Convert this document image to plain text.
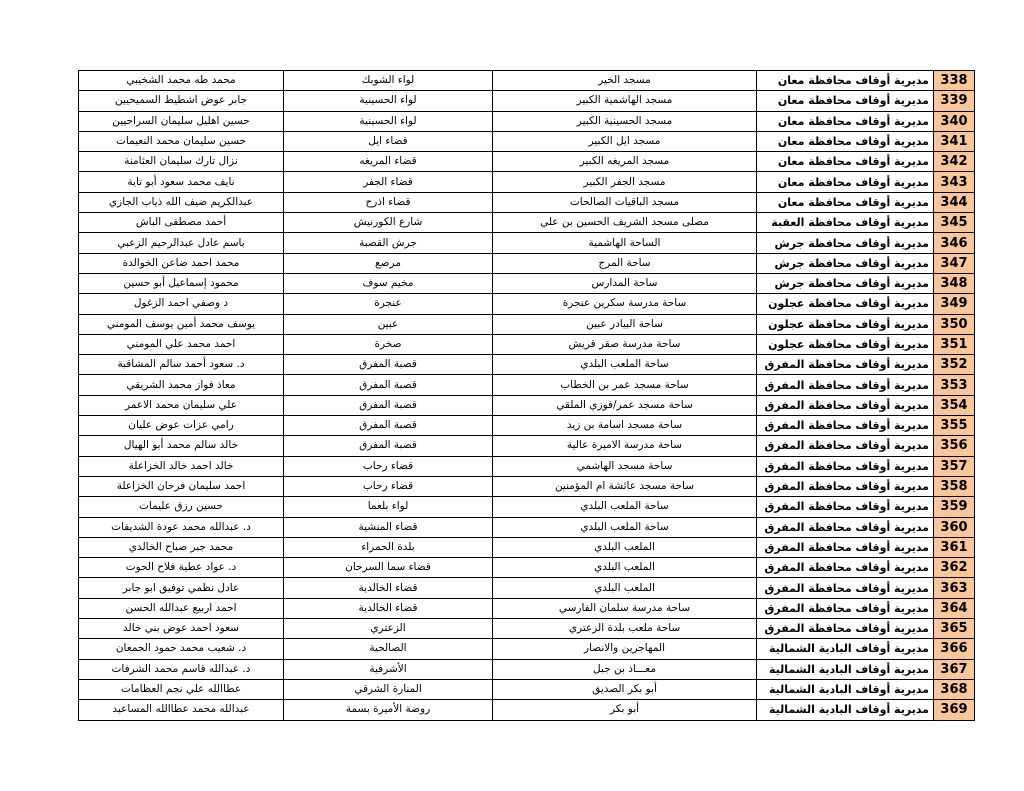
محمد طه محمد الشخيبي	لواء الشوبك	مسجد الخير	مديرية أوقاف محافظة معان	338
جابر عوض اشطيط السميحيين	لواء الحسينية	مسجد الهاشمية الكبير	مديرية أوقاف محافظة معان	339
حسين اهليل سليمان السراحيين	لواء الحسينية	مسجد الحسينية الكبير	مديرية أوقاف محافظة معان	340
حسين سليمان محمد النعيمات	قضاء ايل	مسجد ايل الكبير	مديرية أوقاف محافظة معان	341
نزال تارك سليمان العثامنة	قضاء المريغه	مسجد المريغه الكبير	مديرية أوقاف محافظة معان	342
نايف محمد سعود أبو تاية	قضاء الجفر	مسجد الجفر الكبير	مديرية أوقاف محافظة معان	343
عبدالكريم ضيف الله ذياب الجازي	قضاء اذرح	مسجد الباقيات الصالحات	مديرية أوقاف محافظة معان	344
أحمد مصطفى الباش	شارع الكورنيش	مصلى مسجد الشريف الحسين بن علي	مديرية أوقاف محافظة العقبة	345
باسم عادل عبدالرحيم الزعبي	جرش القصبة	الساحة الهاشمية	مديرية أوقاف محافظة جرش	346
محمد احمد ضاعن الخوالدة	مرصع	ساحة المرج	مديرية أوقاف محافظة جرش	347
محمود إسماعيل أبو حسين	مخيم سوف	ساحة المدارس	مديرية أوقاف محافظة جرش	348
د وصفي احمد الزغول	عنجرة	ساحة مدرسة سكرين عنجرة	مديرية أوقاف محافظة عجلون	349
يوسف محمد أمين يوسف المومني	عبين	ساحة البيادر عبين	مديرية أوقاف محافظة عجلون	350
احمد محمد علي المومني	صخرة	ساحة مدرسة صقر قريش	مديرية أوقاف محافظة عجلون	351
د. سعود أحمد سالم المشاقبة	قصبة المفرق	ساحة الملعب البلدي	مديرية أوقاف محافظة المفرق	352
معاذ فواز محمد الشريقي	قصبة المفرق	ساحة مسجد عمر بن الخطاب	مديرية أوقاف محافظة المفرق	353
علي سليمان محمد الاعمر	قصبة المفرق	ساحة مسجد عمر/فوزي الملقي	مديرية أوقاف محافظة المفرق	354
رامي عزات عوض عليان	قصبة المفرق	ساحة مسجد اسامة بن زيد	مديرية أوقاف محافظة المفرق	355
خالد سالم محمد أبو الهيال	قصبة المفرق	ساحة مدرسة الاميرة عالية	مديرية أوقاف محافظة المفرق	356
خالد احمد خالد الخزاعلة	قضاء رحاب	ساحة مسجد الهاشمي	مديرية أوقاف محافظة المفرق	357
احمد سليمان فرحان الخزاعلة	قضاء رحاب	ساحة مسجد عائشة ام المؤمنين	مديرية أوقاف محافظة المفرق	358
حسين رزق عليمات	لواء بلعما	ساحة الملعب البلدي	مديرية أوقاف محافظة المفرق	359
د. عبدالله محمد عودة الشديفات	قضاء المنشية	ساحة الملعب البلدي	مديرية أوقاف محافظة المفرق	360
محمد جبر صباح الخالدي	بلدة الحمراء	الملعب البلدي	مديرية أوقاف محافظة المفرق	361
د. عواد عطية فلاح الحوت	قضاء سما السرحان	الملعب البلدي	مديرية أوقاف محافظة المفرق	362
عادل نظمي توفيق ابو جابر	قضاء الخالدية	الملعب البلدي	مديرية أوقاف محافظة المفرق	363
احمد اربيع عبدالله الحسن	قضاء الخالدية	ساحة مدرسة سلمان الفارسي	مديرية أوقاف محافظة المفرق	364
سعود احمد عوض بني خالد	الزعتري	ساحة ملعب بلدة الزعتري	مديرية أوقاف محافظة المفرق	365
د. شعيب محمد حمود الجمعان	الصالحية	المهاجرين والانصار	مديرية أوقاف البادية الشمالية	366
د. عبدالله قاسم محمد الشرفات	الأشرفية	معـــاذ بن جبل	مديرية أوقاف البادية الشمالية	367
عطاالله علي نجم العظامات	المنارة الشرقي	أبو بكر الصديق	مديرية أوقاف البادية الشمالية	368
عبدالله محمد عطاالله المساعيد	روضة الأميرة بسمة	أبو بكر	مديرية أوقاف البادية الشمالية	369
